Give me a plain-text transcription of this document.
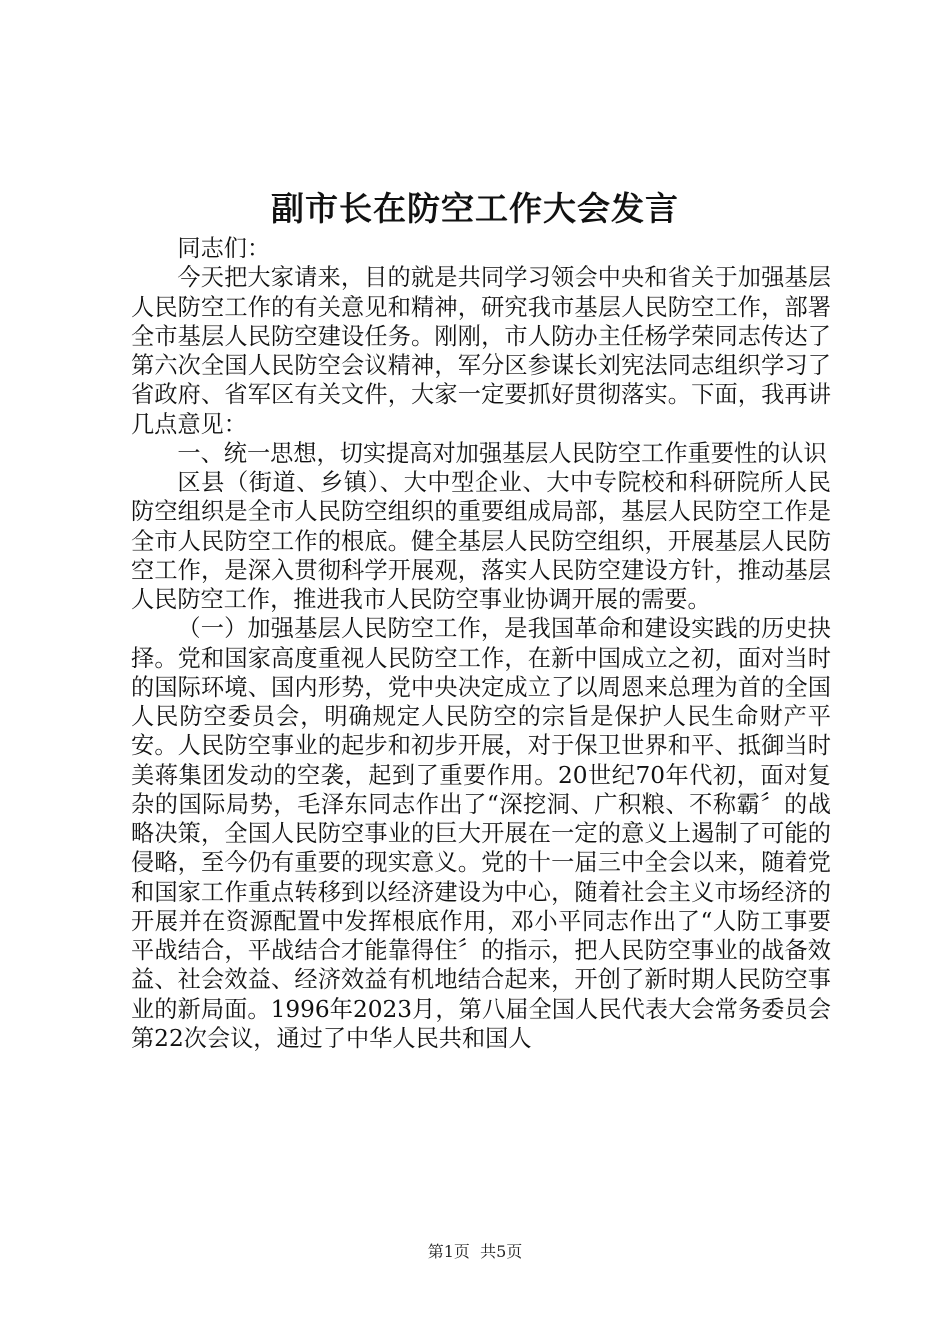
副市长在防空工作大会发言

同志们：

今天把大家请来，目的就是共同学习领会中央和省关于加强基层人民防空工作的有关意见和精神，研究我市基层人民防空工作，部署全市基层人民防空建设任务。刚刚，市人防办主任杨学荣同志传达了第六次全国人民防空会议精神，军分区参谋长刘宪法同志组织学习了省政府、省军区有关文件，大家一定要抓好贯彻落实。下面，我再讲几点意见：

一、统一思想，切实提高对加强基层人民防空工作重要性的认识

区县（街道、乡镇）、大中型企业、大中专院校和科研院所人民防空组织是全市人民防空组织的重要组成局部，基层人民防空工作是全市人民防空工作的根底。健全基层人民防空组织，开展基层人民防空工作，是深入贯彻科学开展观，落实人民防空建设方针，推动基层人民防空工作，推进我市人民防空事业协调开展的需要。

（一）加强基层人民防空工作，是我国革命和建设实践的历史抉择。党和国家高度重视人民防空工作，在新中国成立之初，面对当时的国际环境、国内形势，党中央决定成立了以周恩来总理为首的全国人民防空委员会，明确规定人民防空的宗旨是保护人民生命财产平安。人民防空事业的起步和初步开展，对于保卫世界和平、抵御当时美蒋集团发动的空袭，起到了重要作用。20世纪70年代初，面对复杂的国际局势，毛泽东同志作出了“深挖洞、广积粮、不称霸〞的战略决策，全国人民防空事业的巨大开展在一定的意义上遏制了可能的侵略，至今仍有重要的现实意义。党的十一届三中全会以来，随着党和国家工作重点转移到以经济建设为中心，随着社会主义市场经济的开展并在资源配置中发挥根底作用，邓小平同志作出了“人防工事要平战结合，平战结合才能靠得住〞的指示，把人民防空事业的战备效益、社会效益、经济效益有机地结合起来，开创了新时期人民防空事业的新局面。1996年2023月，第八届全国人民代表大会常务委员会第22次会议，通过了中华人民共和国人

第1页  共5页
